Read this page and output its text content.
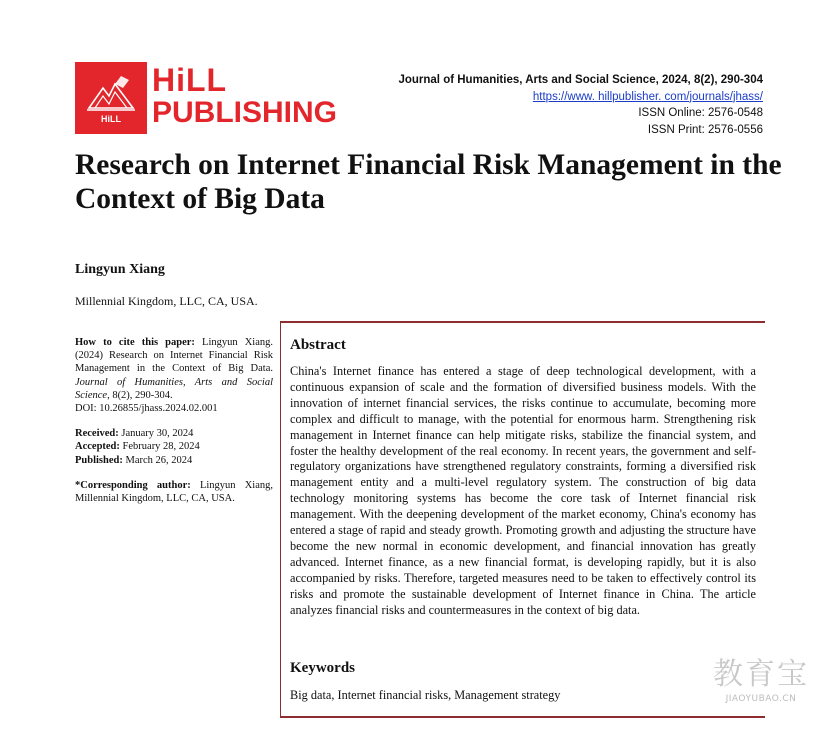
HiLL
HiLL
PUBLISHING
Journal of Humanities, Arts and Social Science, 2024, 8(2), 290-304
https://www. hillpublisher. com/journals/jhass/
ISSN Online: 2576-0548
ISSN Print: 2576-0556
Research on Internet Financial Risk Management in the Context of Big Data
Lingyun Xiang
Millennial Kingdom, LLC, CA, USA.
How to cite this paper: Lingyun Xiang. (2024) Research on Internet Financial Risk Management in the Context of Big Data. Journal of Humanities, Arts and Social Science, 8(2), 290-304.
DOI: 10.26855/jhass.2024.02.001
Received: January 30, 2024
Accepted: February 28, 2024
Published: March 26, 2024
*Corresponding author: Lingyun Xiang, Millennial Kingdom, LLC, CA, USA.
Abstract

China's Internet finance has entered a stage of deep technological development, with a continuous expansion of scale and the formation of diversified business models. With the innovation of internet financial services, the risks continue to accumulate, becoming more complex and difficult to manage, with the potential for enormous harm. Strengthening risk management in Internet finance can help mitigate risks, stabilize the financial system, and foster the healthy development of the real economy. In recent years, the government and self-regulatory organizations have strengthened regulatory constraints, forming a diversified risk management entity and a multi-level regulatory system. The construction of big data technology monitoring systems has become the core task of Internet financial risk management. With the deepening development of the market economy, China's economy has entered a stage of rapid and steady growth. Promoting growth and adjusting the structure have become the new normal in economic development, and financial innovation has greatly advanced. Internet finance, as a new financial format, is developing rapidly, but it is also accompanied by risks. Therefore, targeted measures need to be taken to effectively control its risks and promote the sustainable development of Internet finance in China. The article analyzes financial risks and countermeasures in the context of big data.

Keywords
Big data, Internet financial risks, Management strategy
教育宝
JIAOYUBAO.CN
